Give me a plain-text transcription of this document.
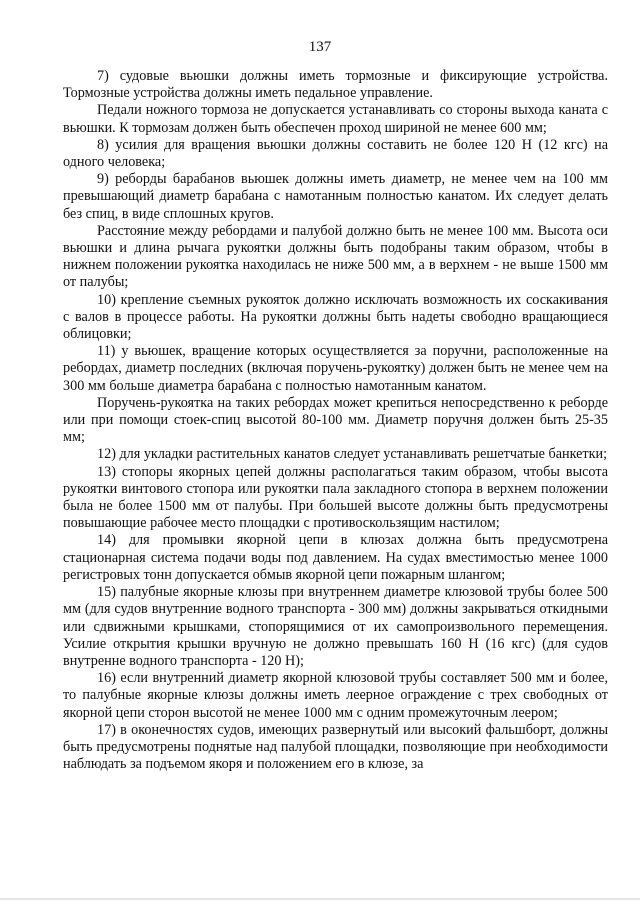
137

7) судовые вьюшки должны иметь тормозные и фиксирующие устройства. Тормозные устройства должны иметь педальное управление.

Педали ножного тормоза не допускается устанавливать со стороны выхода каната с вьюшки. К тормозам должен быть обеспечен проход шириной не менее 600 мм;

8) усилия для вращения вьюшки должны составить не более 120 Н (12 кгс) на одного человека;

9) реборды барабанов вьюшек должны иметь диаметр, не менее чем на 100 мм превышающий диаметр барабана с намотанным полностью канатом. Их следует делать без спиц, в виде сплошных кругов.

Расстояние между ребордами и палубой должно быть не менее 100 мм. Высота оси вьюшки и длина рычага рукоятки должны быть подобраны таким образом, чтобы в нижнем положении рукоятка находилась не ниже 500 мм, а в верхнем - не выше 1500 мм от палубы;

10) крепление съемных рукояток должно исключать возможность их соскакивания с валов в процессе работы. На рукоятки должны быть надеты свободно вращающиеся облицовки;

11) у вьюшек, вращение которых осуществляется за поручни, расположенные на ребордах, диаметр последних (включая поручень-рукоятку) должен быть не менее чем на 300 мм больше диаметра барабана с полностью намотанным канатом.

Поручень-рукоятка на таких ребордах может крепиться непосредственно к реборде или при помощи стоек-спиц высотой 80-100 мм. Диаметр поручня должен быть 25-35 мм;

12) для укладки растительных канатов следует устанавливать решетчатые банкетки;

13) стопоры якорных цепей должны располагаться таким образом, чтобы высота рукоятки винтового стопора или рукоятки пала закладного стопора в верхнем положении была не более 1500 мм от палубы. При большей высоте должны быть предусмотрены повышающие рабочее место площадки с противоскользящим настилом;

14) для промывки якорной цепи в клюзах должна быть предусмотрена стационарная система подачи воды под давлением. На судах вместимостью менее 1000 регистровых тонн допускается обмыв якорной цепи пожарным шлангом;

15) палубные якорные клюзы при внутреннем диаметре клюзовой трубы более 500 мм (для судов внутренние водного транспорта - 300 мм) должны закрываться откидными или сдвижными крышками, стопорящимися от их самопроизвольного перемещения. Усилие открытия крышки вручную не должно превышать 160 Н (16 кгс) (для судов внутренне водного транспорта - 120 Н);

16) если внутренний диаметр якорной клюзовой трубы составляет 500 мм и более, то палубные якорные клюзы должны иметь леерное ограждение с трех свободных от якорной цепи сторон высотой не менее 1000 мм с одним промежуточным леером;

17) в оконечностях судов, имеющих развернутый или высокий фальшборт, должны быть предусмотрены поднятые над палубой площадки, позволяющие при необходимости наблюдать за подъемом якоря и положением его в клюзе, за
